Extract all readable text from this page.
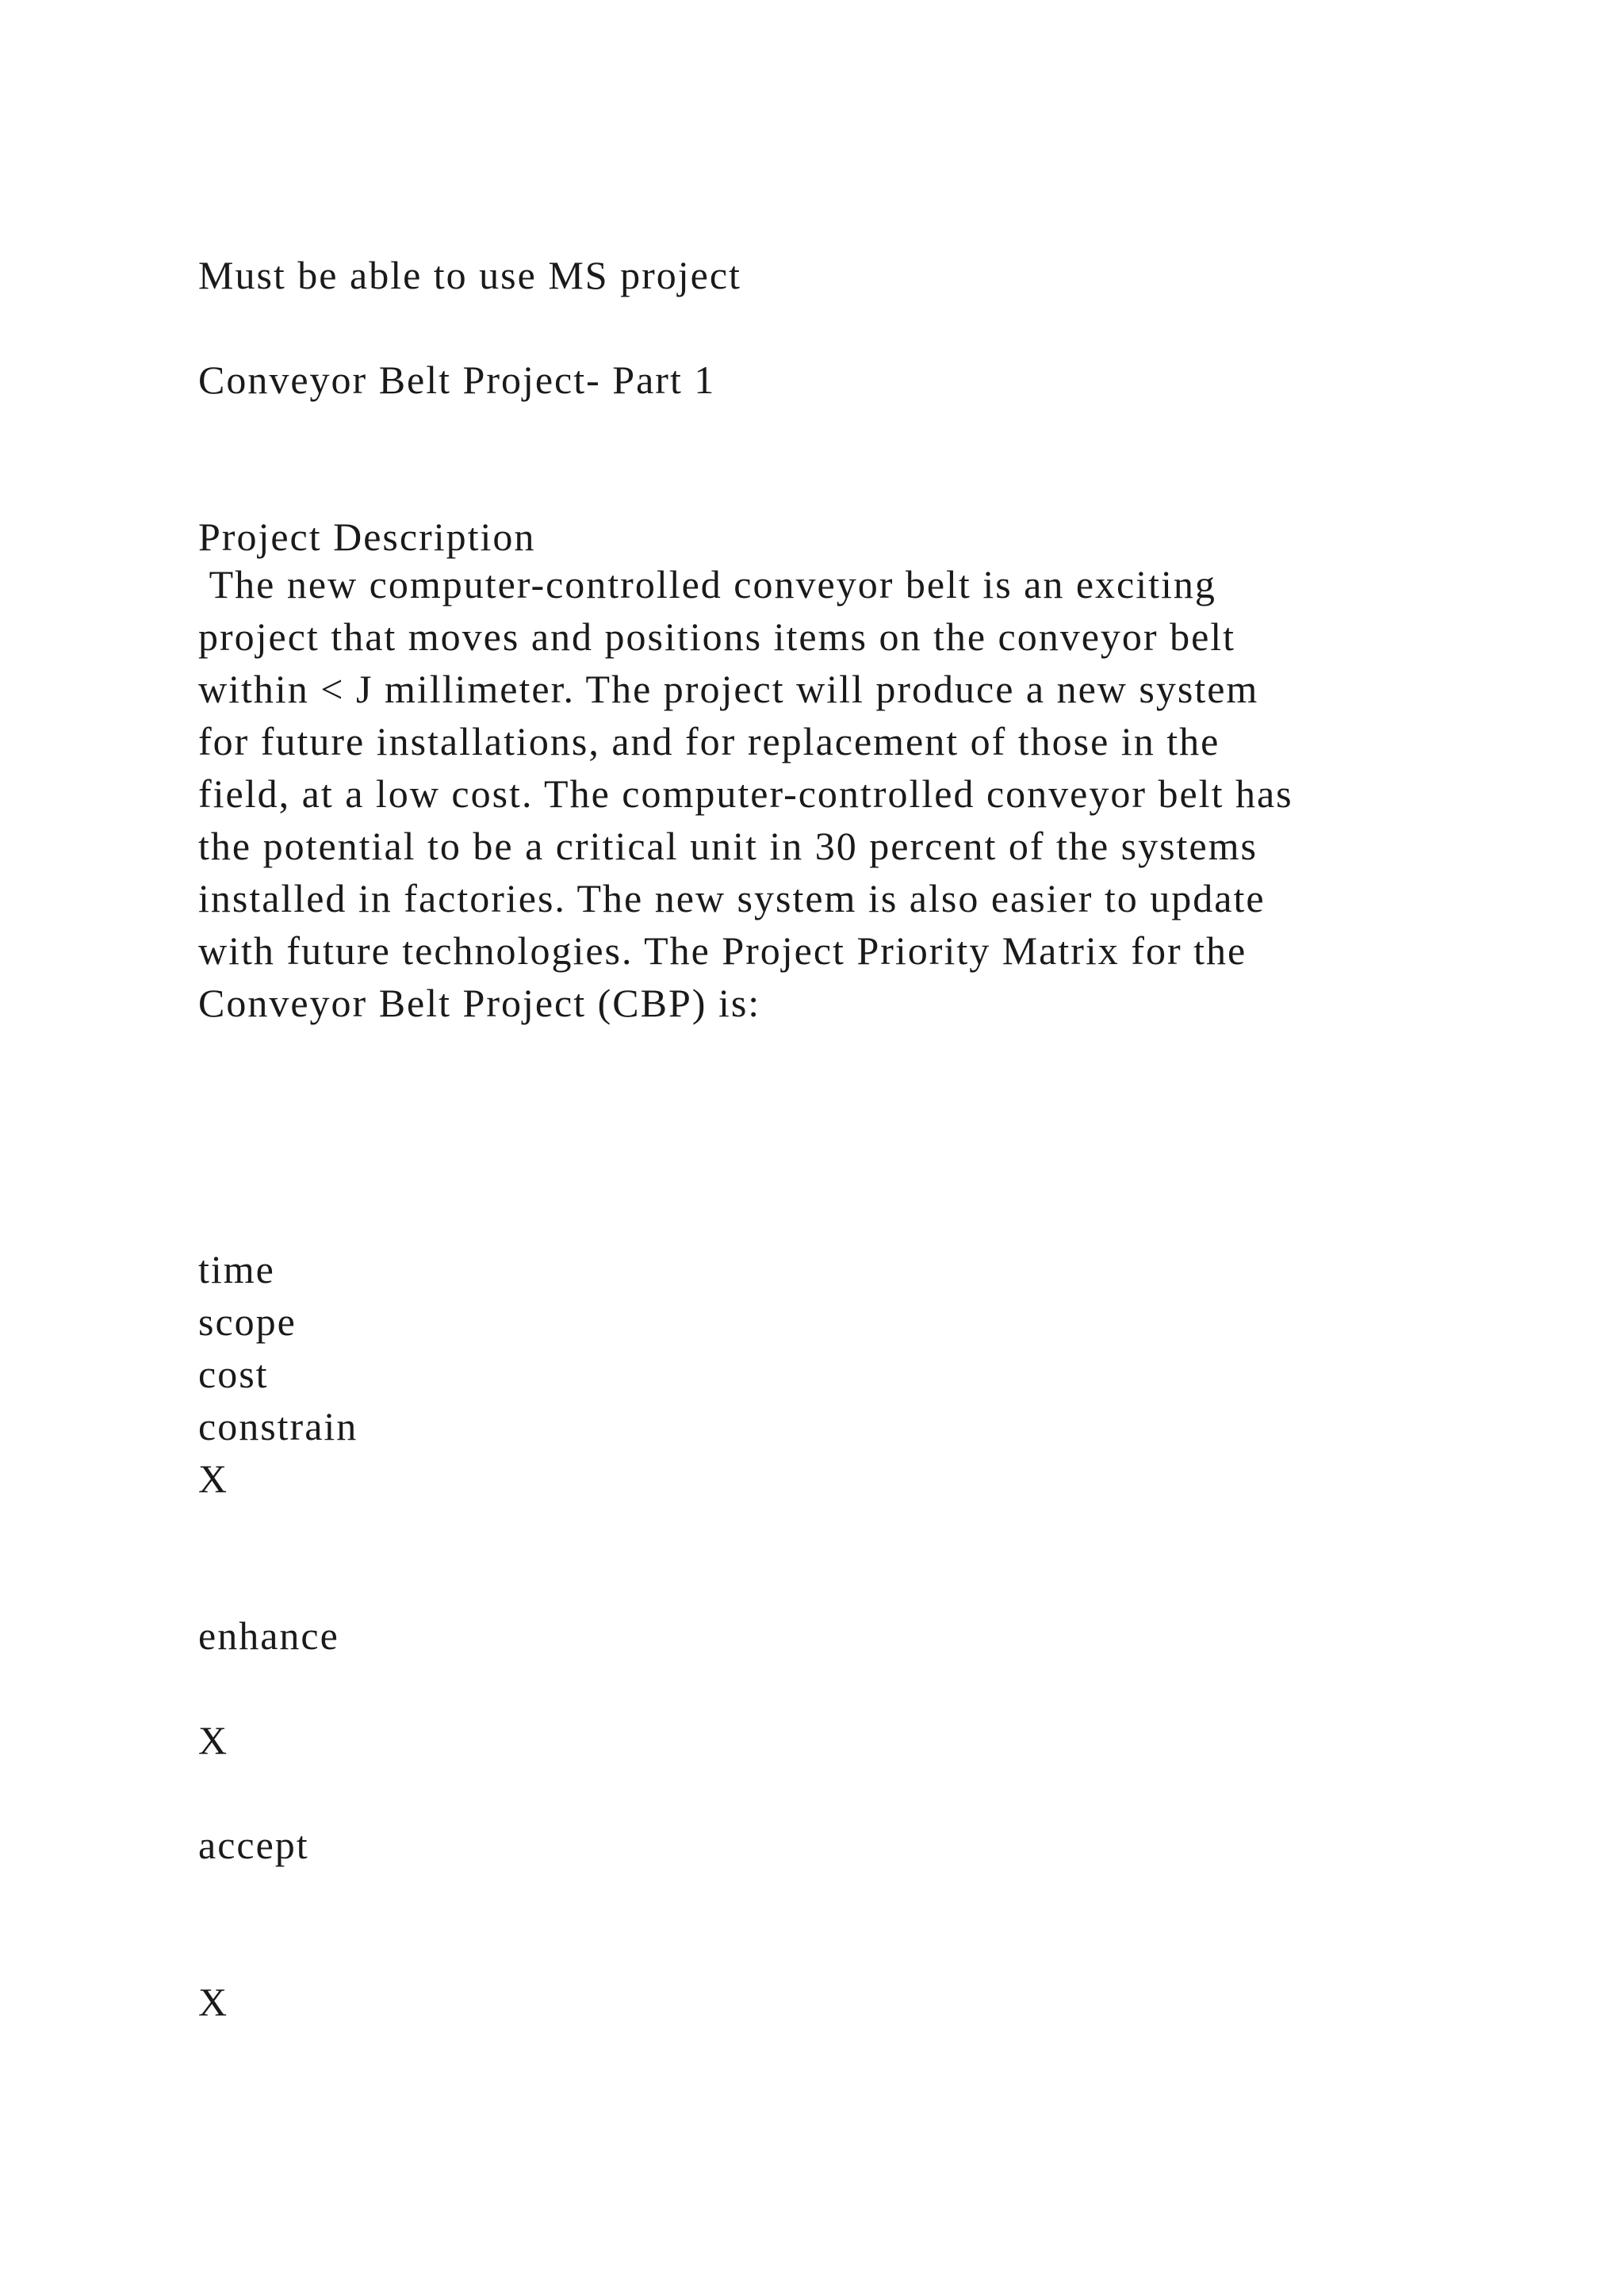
Must be able to use MS project

Conveyor Belt Project- Part 1

Project Description

The new computer-controlled conveyor belt is an exciting
project that moves and positions items on the conveyor belt
within < J millimeter. The project will produce a new system
for future installations, and for replacement of those in the
field, at a low cost. The computer-controlled conveyor belt has
the potential to be a critical unit in 30 percent of the systems
installed in factories. The new system is also easier to update
with future technologies. The Project Priority Matrix for the
Conveyor Belt Project (CBP) is:

time

scope

cost

constrain

X

enhance

X

accept

X
